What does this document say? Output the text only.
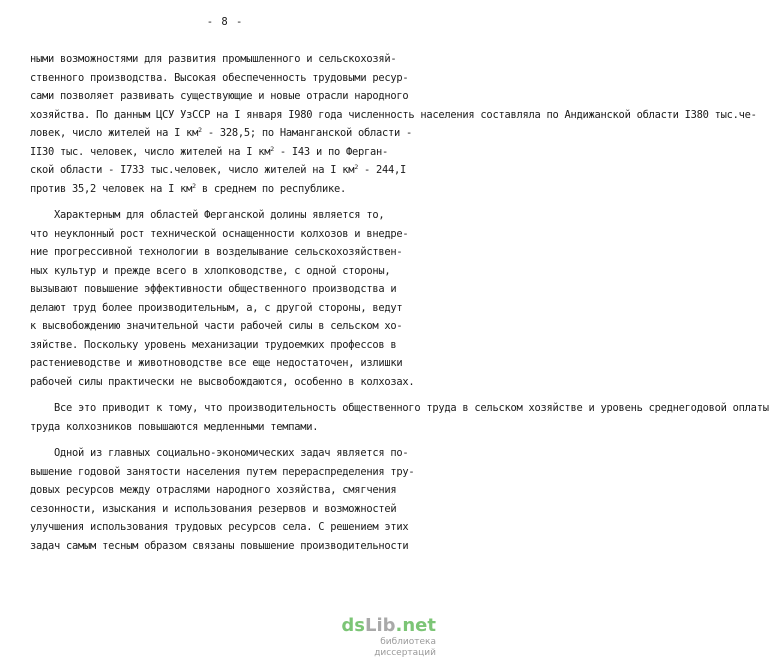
- 8 -
ными возможностями для развития промышленного и сельскохозяй-
ственного производства. Высокая обеспеченность трудовыми ресур-
сами позволяет развивать существующие и новые отрасли народного
хозяйства. По данным ЦСУ УзССР на I января I980 года численность населения составляла по Андижанской области I380 тыс.че-
ловек, число жителей на I $км^2 - 328,5$; по Наманганской области -
II30 тыс. человек, число жителей на I $км^2 - I43$ и по Ферган-
ской области - I733 тыс.человек, число жителей на I $км^2 - 244,I$
против 35,2 человек на I $км^2$ в среднем по республике.
Характерным для областей Ферганской долины является то,
что неуклонный рост технической оснащенности колхозов и внедре-
ние прогрессивной технологии в возделывание сельскохозяйствен-
ных культур и прежде всего в хлопководстве, с одной стороны,
вызывают повышение эффективности общественного производства и
делают труд более производительным, а, с другой стороны, ведут
к высвобождению значительной части рабочей силы в сельском хо-
зяйстве. Поскольку уровень механизации трудоемких профессов в
растениеводстве и животноводстве все еще недостаточен, излишки
рабочей силы практически не высвобождаются, особенно в колхозах.
Все это приводит к тому, что производительность общественного труда в сельском хозяйстве и уровень среднегодовой оплаты
труда колхозников повышаются медленными темпами.
Одной из главных социально-экономических задач является по-
вышение годовой занятости населения путем перераспределения тру-
довых ресурсов между отраслями народного хозяйства, смягчения
сезонности, изыскания и использования резервов и возможностей
улучшения использования трудовых ресурсов села. С решением этих
задач самым тесным образом связаны повышение производительности
dsLib.net
библиотека диссертаций
